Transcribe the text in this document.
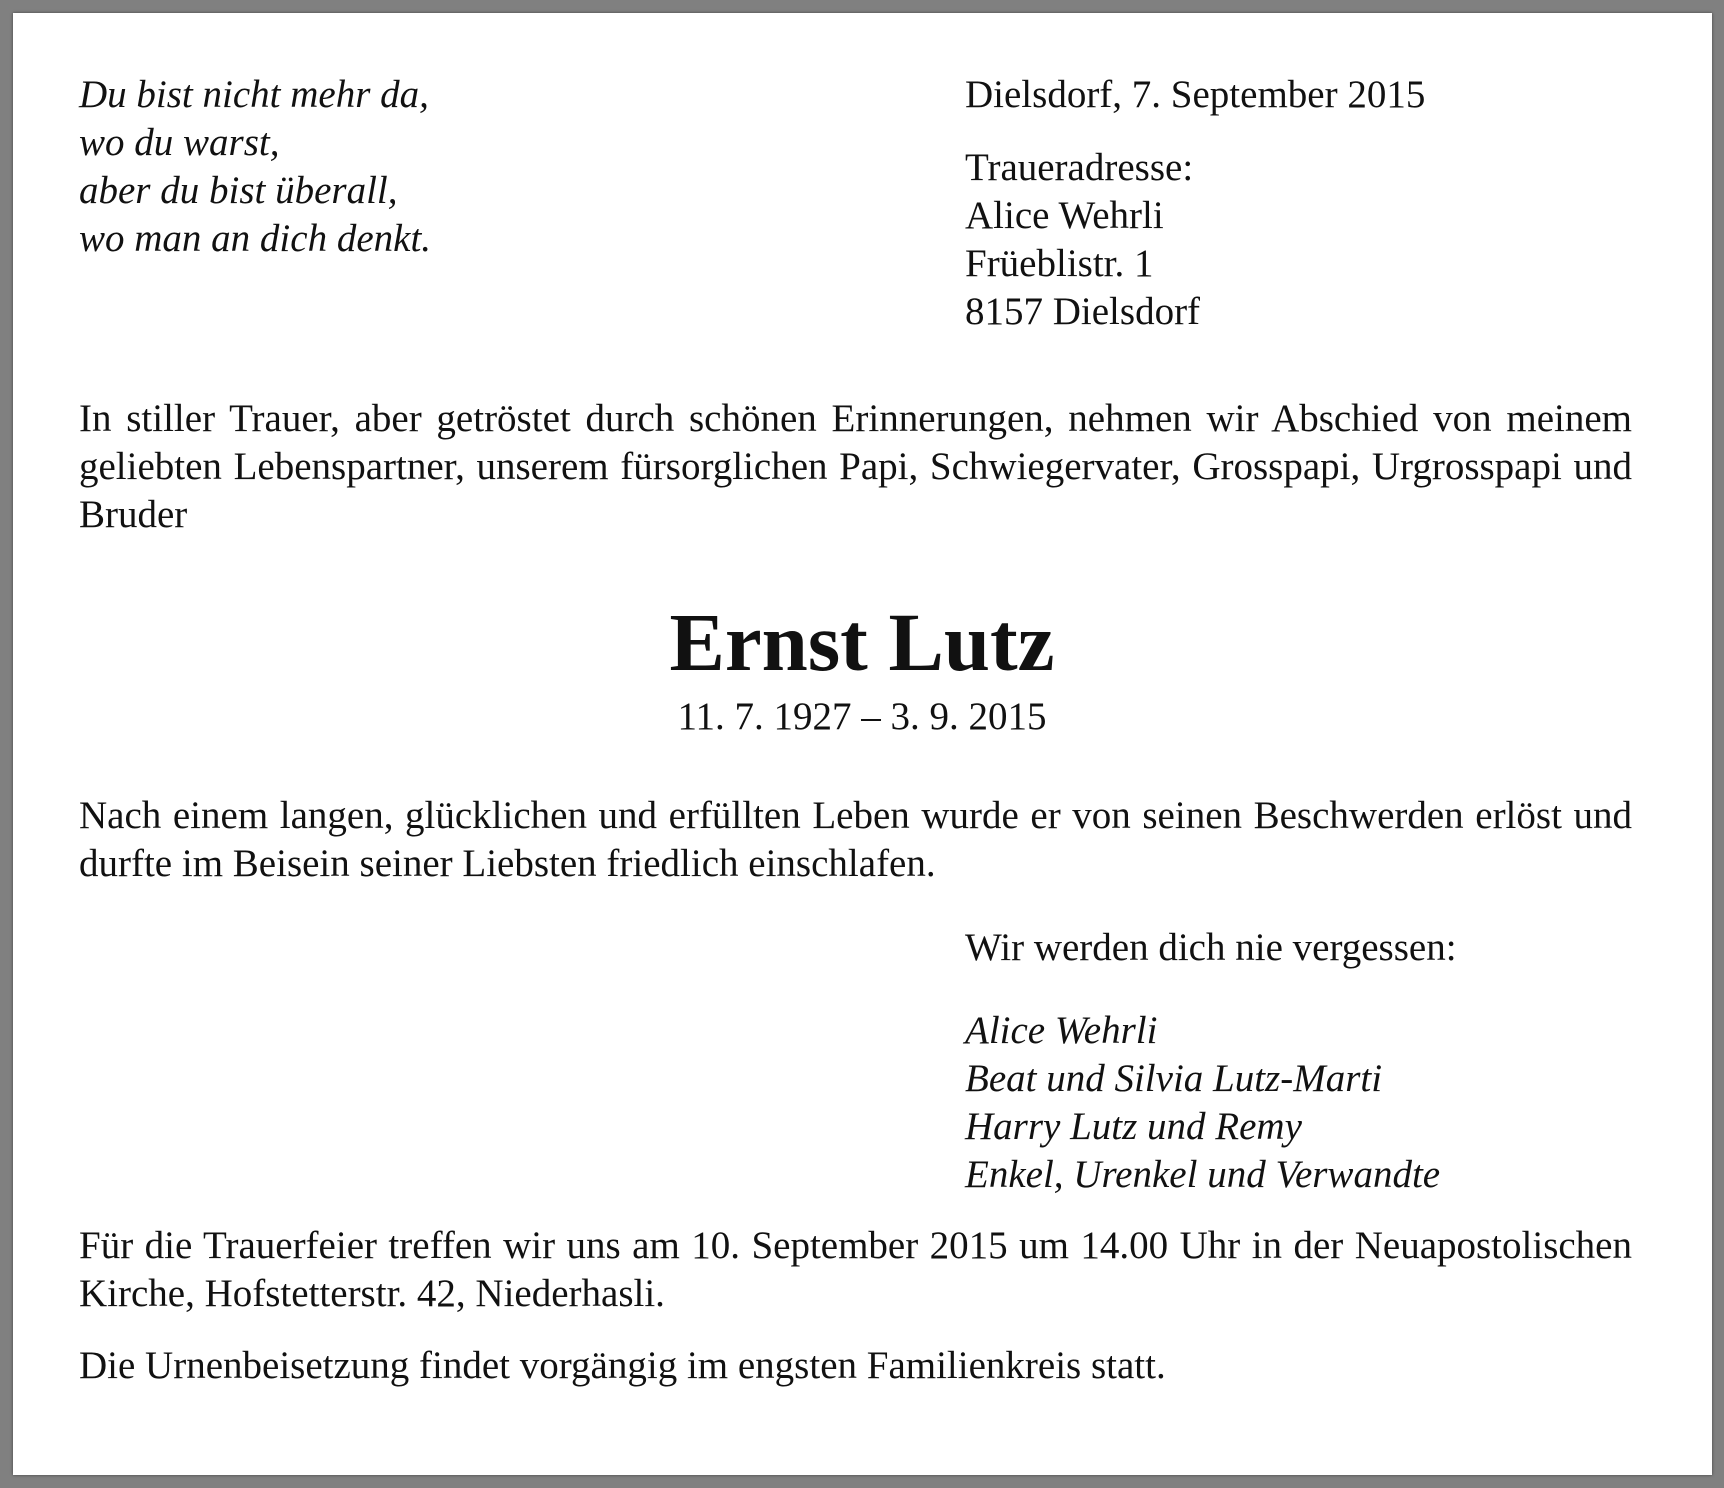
Du bist nicht mehr da,
wo du warst,
aber du bist überall,
wo man an dich denkt.
Dielsdorf, 7. September 2015
Traueradresse:
Alice Wehrli
Früeblistr. 1
8157 Dielsdorf
In stiller Trauer, aber getröstet durch schönen Erinnerungen, nehmen wir Abschied von meinem geliebten Lebenspartner, unserem fürsorglichen Papi, Schwiegervater, Grosspapi, Urgrosspapi und Bruder
Ernst Lutz
11. 7. 1927 – 3. 9. 2015
Nach einem langen, glücklichen und erfüllten Leben wurde er von seinen Beschwerden erlöst und durfte im Beisein seiner Liebsten friedlich einschlafen.
Wir werden dich nie vergessen:
Alice Wehrli
Beat und Silvia Lutz-Marti
Harry Lutz und Remy
Enkel, Urenkel und Verwandte
Für die Trauerfeier treffen wir uns am 10. September 2015 um 14.00 Uhr in der Neuapostolischen Kirche, Hofstetterstr. 42, Niederhasli.
Die Urnenbeisetzung findet vorgängig im engsten Familienkreis statt.
